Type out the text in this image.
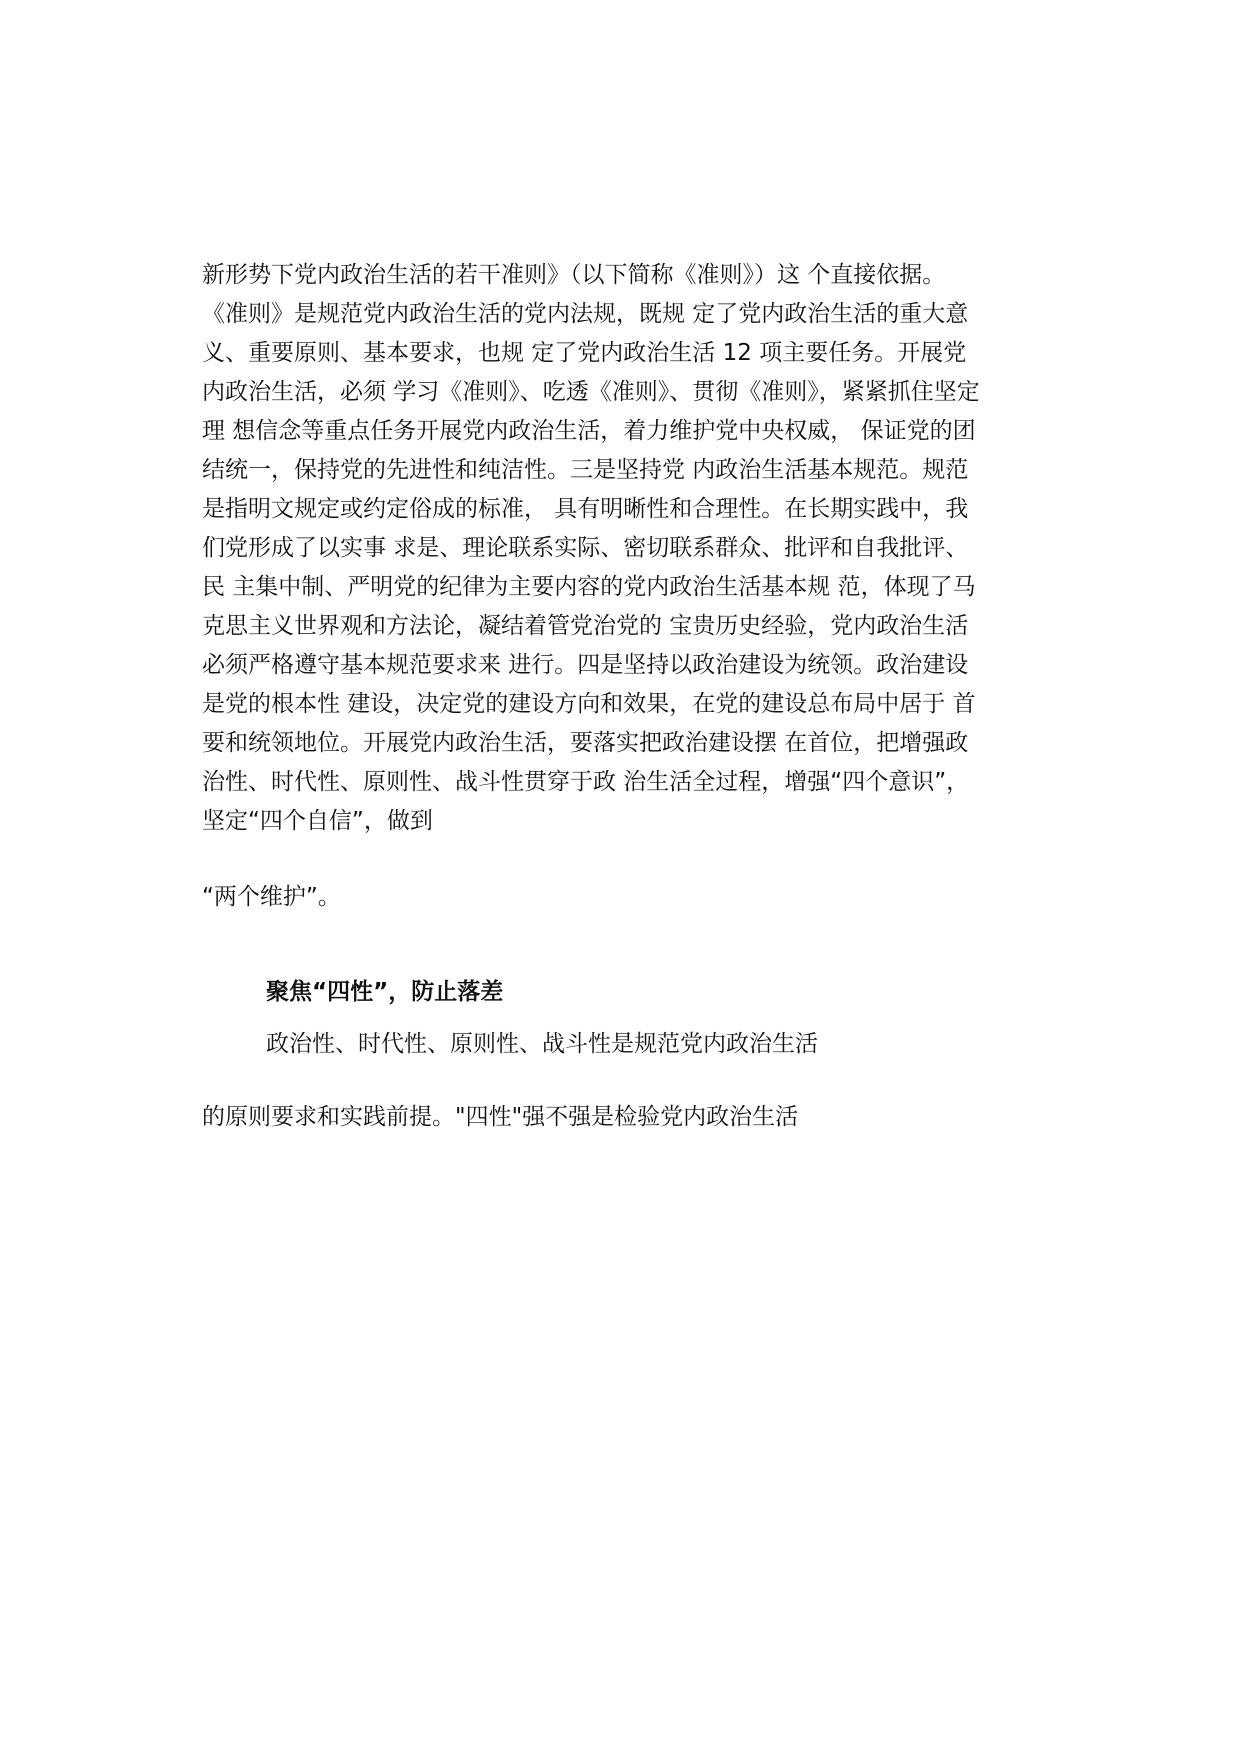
新形势下党内政治生活的若干准则》（以下简称《准则》）这 个直接依据。
《准则》是规范党内政治生活的党内法规，既规 定了党内政治生活的重大意
义、重要原则、基本要求，也规 定了党内政治生活 12 项主要任务。开展党
内政治生活，必须 学习《准则》、吃透《准则》、贯彻《准则》，紧紧抓住坚定
理 想信念等重点任务开展党内政治生活，着力维护党中央权威， 保证党的团
结统一，保持党的先进性和纯洁性。三是坚持党 内政治生活基本规范。规范
是指明文规定或约定俗成的标准， 具有明晰性和合理性。在长期实践中，我
们党形成了以实事 求是、理论联系实际、密切联系群众、批评和自我批评、
民 主集中制、严明党的纪律为主要内容的党内政治生活基本规 范，体现了马
克思主义世界观和方法论，凝结着管党治党的 宝贵历史经验，党内政治生活
必须严格遵守基本规范要求来 进行。四是坚持以政治建设为统领。政治建设
是党的根本性 建设，决定党的建设方向和效果，在党的建设总布局中居于 首
要和统领地位。开展党内政治生活，要落实把政治建设摆 在首位，把增强政
治性、时代性、原则性、战斗性贯穿于政 治生活全过程，增强“四个意识”，
坚定“四个自信”，做到
“两个维护”。
聚焦“四性”，防止落差
政治性、时代性、原则性、战斗性是规范党内政治生活
的原则要求和实践前提。"四性"强不强是检验党内政治生活
